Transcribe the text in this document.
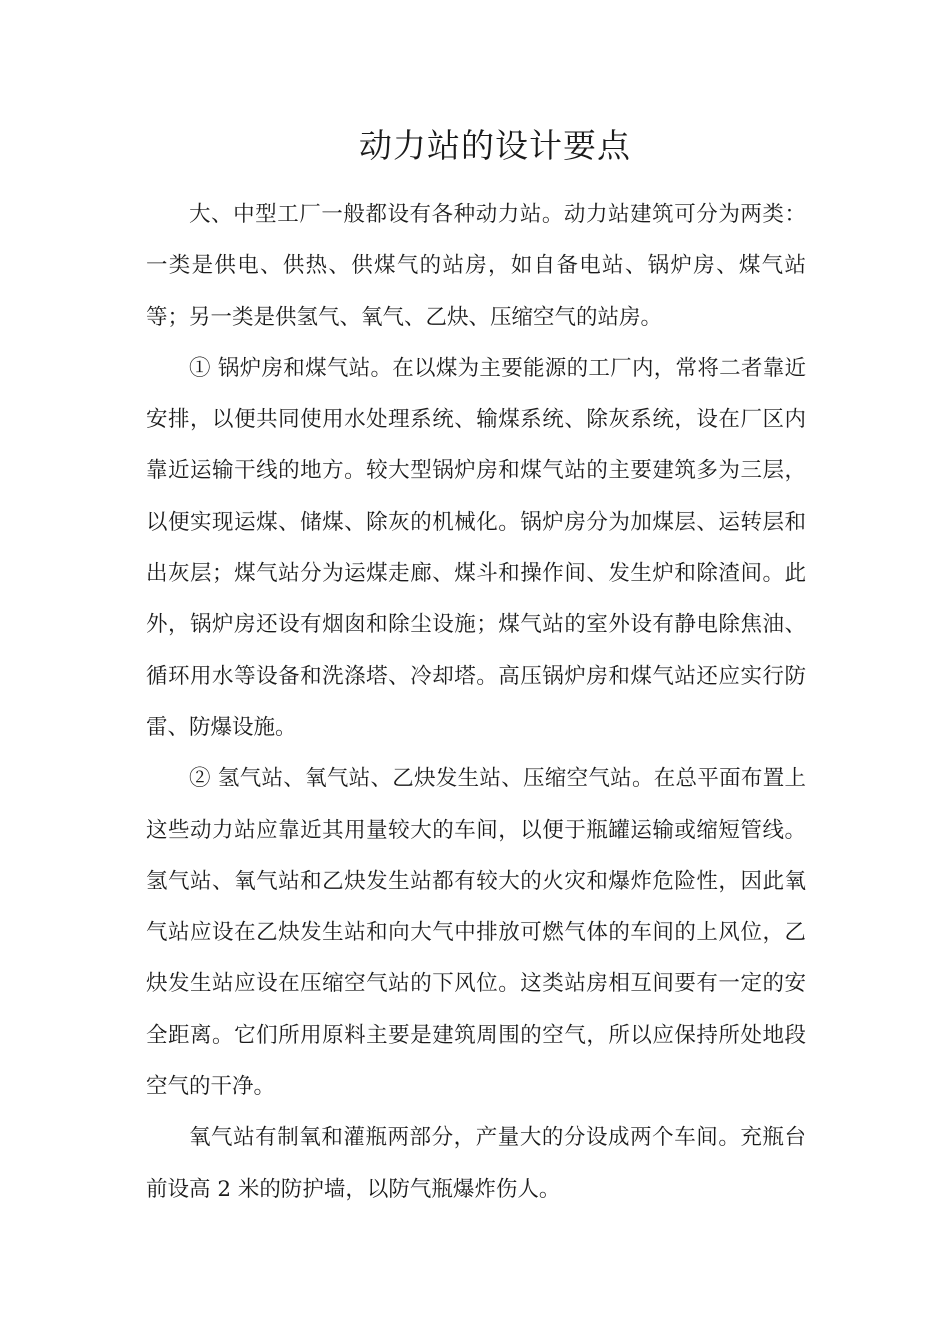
动力站的设计要点

大、中型工厂一般都设有各种动力站。动力站建筑可分为两类：一类是供电、供热、供煤气的站房，如自备电站、锅炉房、煤气站等；另一类是供氢气、氧气、乙炔、压缩空气的站房。

① 锅炉房和煤气站。在以煤为主要能源的工厂内，常将二者靠近安排，以便共同使用水处理系统、输煤系统、除灰系统，设在厂区内靠近运输干线的地方。较大型锅炉房和煤气站的主要建筑多为三层，以便实现运煤、储煤、除灰的机械化。锅炉房分为加煤层、运转层和出灰层；煤气站分为运煤走廊、煤斗和操作间、发生炉和除渣间。此外，锅炉房还设有烟囱和除尘设施；煤气站的室外设有静电除焦油、循环用水等设备和洗涤塔、冷却塔。高压锅炉房和煤气站还应实行防雷、防爆设施。

② 氢气站、氧气站、乙炔发生站、压缩空气站。在总平面布置上这些动力站应靠近其用量较大的车间，以便于瓶罐运输或缩短管线。氢气站、氧气站和乙炔发生站都有较大的火灾和爆炸危险性，因此氧气站应设在乙炔发生站和向大气中排放可燃气体的车间的上风位，乙炔发生站应设在压缩空气站的下风位。这类站房相互间要有一定的安全距离。它们所用原料主要是建筑周围的空气，所以应保持所处地段空气的干净。

氧气站有制氧和灌瓶两部分，产量大的分设成两个车间。充瓶台前设高 2 米的防护墙，以防气瓶爆炸伤人。
